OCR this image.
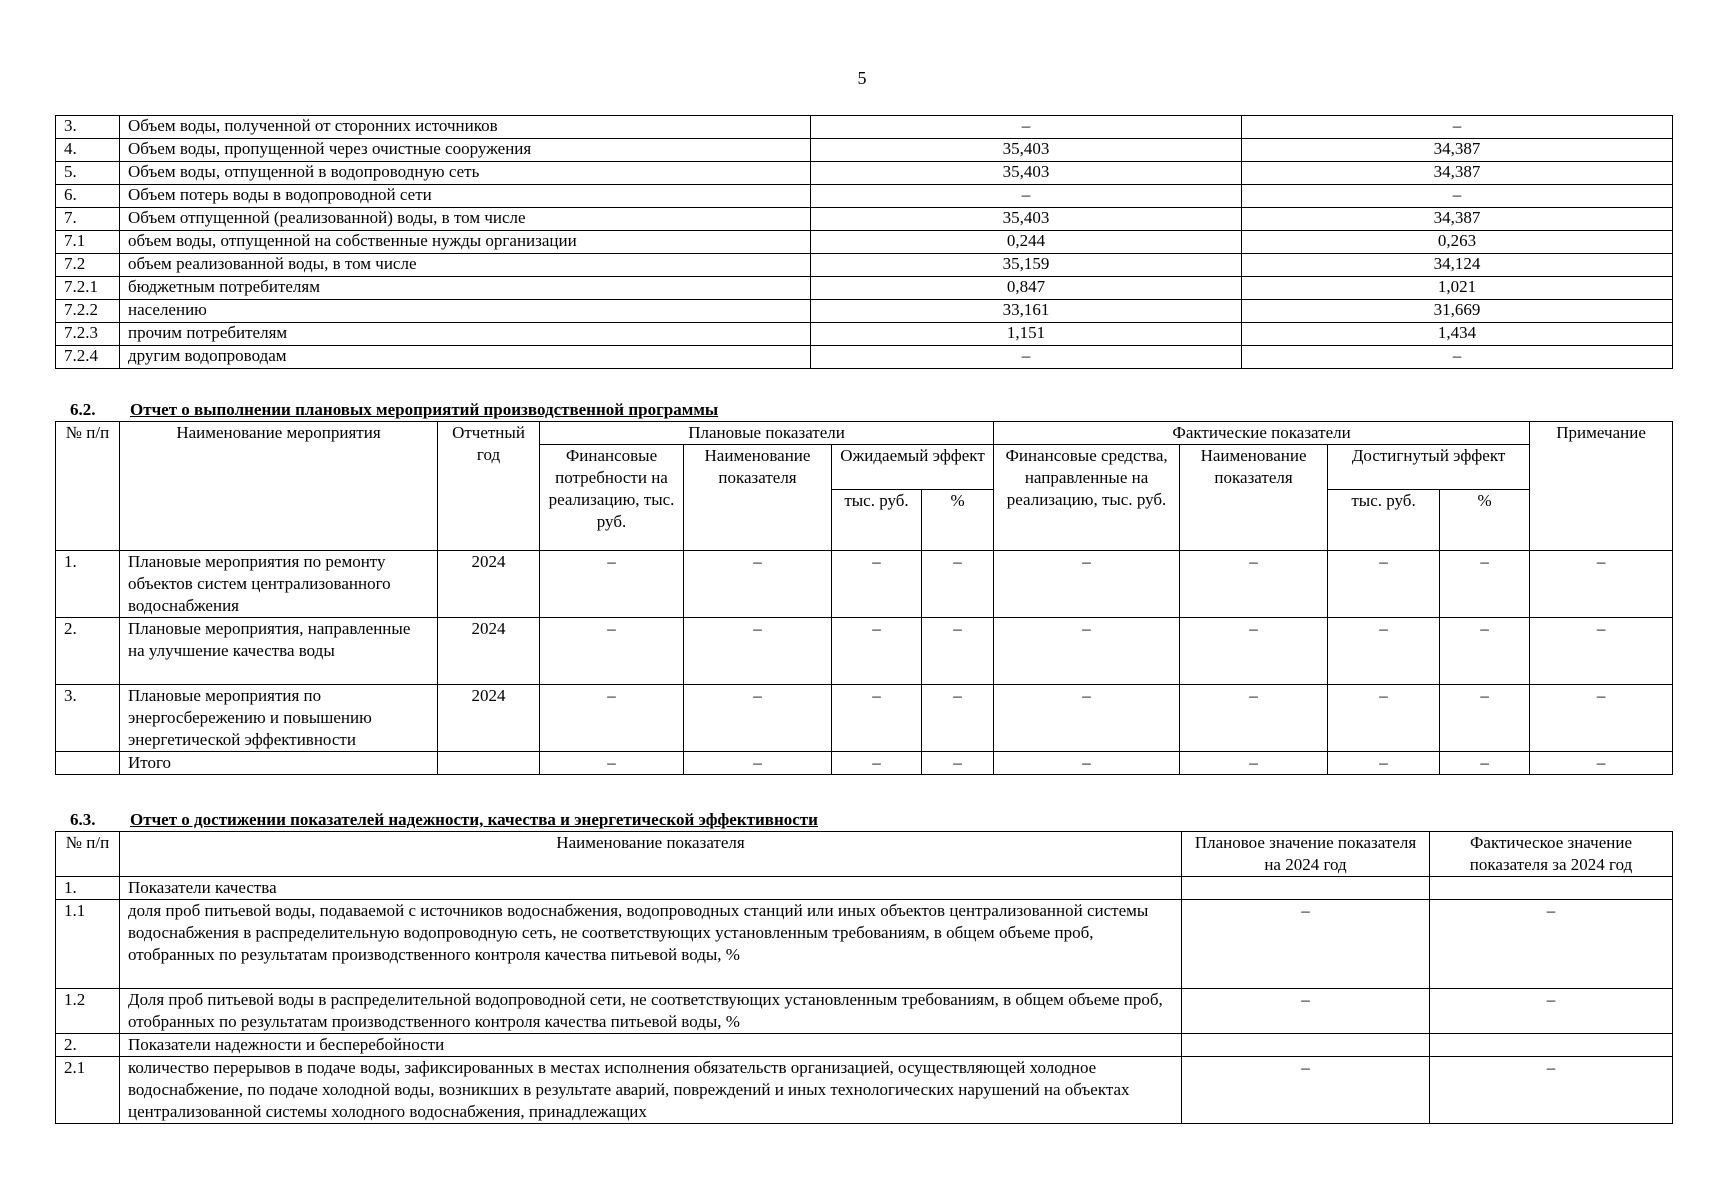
5
3.	Объем воды, полученной от сторонних источников	–	–
4.	Объем воды, пропущенной через очистные сооружения	35,403	34,387
5.	Объем воды, отпущенной в водопроводную сеть	35,403	34,387
6.	Объем потерь воды в водопроводной сети	–	–
7.	Объем отпущенной (реализованной) воды, в том числе	35,403	34,387
7.1	объем воды, отпущенной на собственные нужды организации	0,244	0,263
7.2	объем реализованной воды, в том числе	35,159	34,124
7.2.1	бюджетным потребителям	0,847	1,021
7.2.2	населению	33,161	31,669
7.2.3	прочим потребителям	1,151	1,434
7.2.4	другим водопроводам	–	–
6.2. Отчет о выполнении плановых мероприятий производственной программы
№ п/п	Наименование мероприятия	Отчетный год	Плановые показатели				Фактические показатели				Примечание
			Финансовые потребности на реализацию, тыс. руб.	Наименование показателя	Ожидаемый эффект		Финансовые средства, направленные на реализацию, тыс. руб.	Наименование показателя	Достигнутый эффект		
					тыс. руб.	%			тыс. руб.	%	
1.	Плановые мероприятия по ремонту объектов систем централизованного водоснабжения	2024	–	–	–	–	–	–	–	–	–
2.	Плановые мероприятия, направленные на улучшение качества воды	2024	–	–	–	–	–	–	–	–	–
3.	Плановые мероприятия по энергосбережению и повышению энергетической эффективности	2024	–	–	–	–	–	–	–	–	–
	Итого		–	–	–	–	–	–	–	–	–
6.3. Отчет о достижении показателей надежности, качества и энергетической эффективности
№ п/п	Наименование показателя	Плановое значение показателя на 2024 год	Фактическое значение показателя за 2024 год
1.	Показатели качества		
1.1	доля проб питьевой воды, подаваемой с источников водоснабжения, водопроводных станций или иных объектов централизованной системы водоснабжения в распределительную водопроводную сеть, не соответствующих установленным требованиям, в общем объеме проб, отобранных по результатам производственного контроля качества питьевой воды, %	–	–
1.2	Доля проб питьевой воды в распределительной водопроводной сети, не соответствующих установленным требованиям, в общем объеме проб, отобранных по результатам производственного контроля качества питьевой воды, %	–	–
2.	Показатели надежности и бесперебойности		
2.1	количество перерывов в подаче воды, зафиксированных в местах исполнения обязательств организацией, осуществляющей холодное водоснабжение, по подаче холодной воды, возникших в результате аварий, повреждений и иных технологических нарушений на объектах централизованной системы холодного водоснабжения, принадлежащих	–	–
